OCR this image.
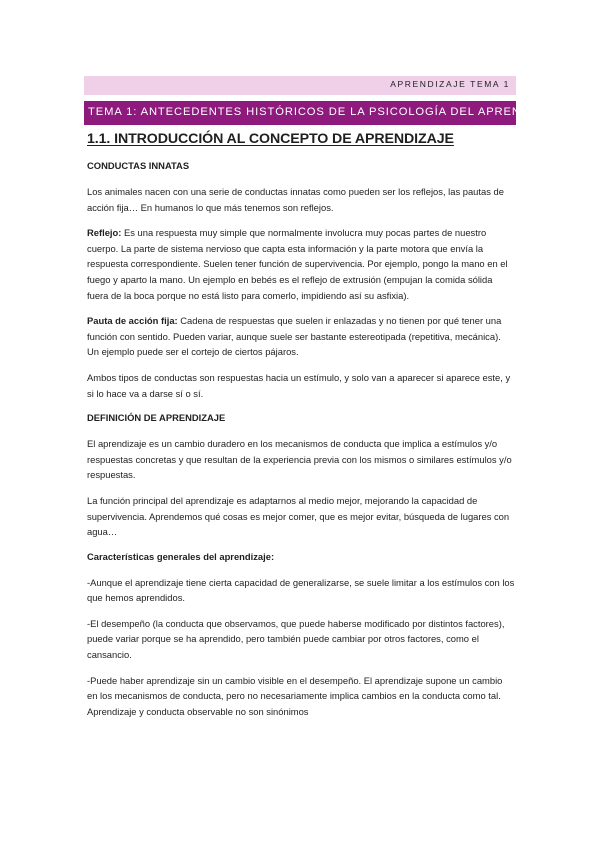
APRENDIZAJE TEMA 1
TEMA 1: ANTECEDENTES HISTÓRICOS DE LA PSICOLOGÍA DEL APRENDIZAJE
1.1. INTRODUCCIÓN AL CONCEPTO DE APRENDIZAJE
CONDUCTAS INNATAS

Los animales nacen con una serie de conductas innatas como pueden ser los reflejos, las pautas de acción fija… En humanos lo que más tenemos son reflejos.

Reflejo: Es una respuesta muy simple que normalmente involucra muy pocas partes de nuestro cuerpo. La parte de sistema nervioso que capta esta información y la parte motora que envía la respuesta correspondiente. Suelen tener función de supervivencia. Por ejemplo, pongo la mano en el fuego y aparto la mano. Un ejemplo en bebés es el reflejo de extrusión (empujan la comida sólida fuera de la boca porque no está listo para comerlo, impidiendo así su asfixia).

Pauta de acción fija: Cadena de respuestas que suelen ir enlazadas y no tienen por qué tener una función con sentido. Pueden variar, aunque suele ser bastante estereotipada (repetitiva, mecánica). Un ejemplo puede ser el cortejo de ciertos pájaros.

Ambos tipos de conductas son respuestas hacia un estímulo, y solo van a aparecer si aparece este, y si lo hace va a darse sí o sí.

DEFINICIÓN DE APRENDIZAJE

El aprendizaje es un cambio duradero en los mecanismos de conducta que implica a estímulos y/o respuestas concretas y que resultan de la experiencia previa con los mismos o similares estímulos y/o respuestas.

La función principal del aprendizaje es adaptarnos al medio mejor, mejorando la capacidad de supervivencia. Aprendemos qué cosas es mejor comer, que es mejor evitar, búsqueda de lugares con agua…

Características generales del aprendizaje:

-Aunque el aprendizaje tiene cierta capacidad de generalizarse, se suele limitar a los estímulos con los que hemos aprendidos.

-El desempeño (la conducta que observamos, que puede haberse modificado por distintos factores), puede variar porque se ha aprendido, pero también puede cambiar por otros factores, como el cansancio.

-Puede haber aprendizaje sin un cambio visible en el desempeño. El aprendizaje supone un cambio en los mecanismos de conducta, pero no necesariamente implica cambios en la conducta como tal. Aprendizaje y conducta observable no son sinónimos
